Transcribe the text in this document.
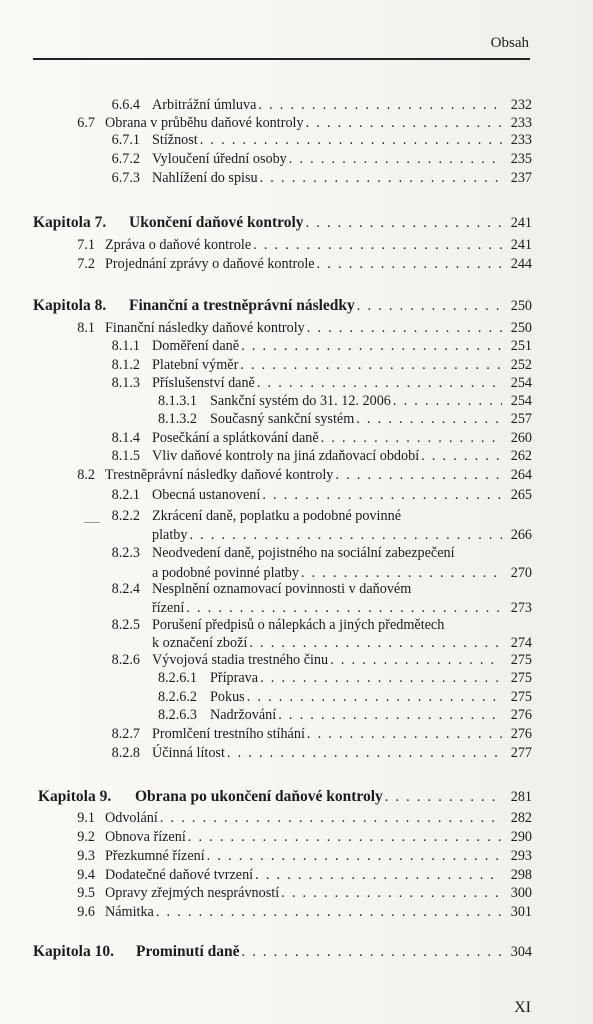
Obsah
6.6.4 Arbitrážní úmluva . . .	232
6.7 Obrana v průběhu daňové kontroly . . .	233
6.7.1 Stížnost . . .	233
6.7.2 Vyloučení úřední osoby . . .	235
6.7.3 Nahlížení do spisu . . .	237
Kapitola 7. Ukončení daňové kontroly . . .	241
7.1 Zpráva o daňové kontrole . . .	241
7.2 Projednání zprávy o daňové kontrole . . .	244
Kapitola 8. Finanční a trestněprávní následky . . .	250
8.1 Finanční následky daňové kontroly . . .	250
8.1.1 Doměření daně . . .	251
8.1.2 Platební výměr . . .	252
8.1.3 Příslušenství daně . . .	254
8.1.3.1 Sankční systém do 31. 12. 2006 . . .	254
8.1.3.2 Současný sankční systém . . .	257
8.1.4 Posečkání a splátkování daně . . .	260
8.1.5 Vliv daňové kontroly na jiná zdaňovací období . . .	262
8.2 Trestněprávní následky daňové kontroly . . .	264
8.2.1 Obecná ustanovení . . .	265
8.2.2 Zkrácení daně, poplatku a podobné povinné
platby . . .	266
8.2.3 Neodvedení daně, pojistného na sociální zabezpečení
a podobné povinné platby . . .	270
8.2.4 Nesplnění oznamovací povinnosti v daňovém
řízení . . .	273
8.2.5 Porušení předpisů o nálepkách a jiných předmětech
k označení zboží . . .	274
8.2.6 Vývojová stadia trestného činu . . .	275
8.2.6.1 Příprava . . .	275
8.2.6.2 Pokus . . .	275
8.2.6.3 Nadržování . . .	276
8.2.7 Promlčení trestního stíhání . . .	276
8.2.8 Účinná lítost . . .	277
Kapitola 9. Obrana po ukončení daňové kontroly . . .	281
9.1 Odvolání . . .	282
9.2 Obnova řízení . . .	290
9.3 Přezkumné řízení . . .	293
9.4 Dodatečné daňové tvrzení . . .	298
9.5 Opravy zřejmých nesprávností . . .	300
9.6 Námitka . . .	301
Kapitola 10. Prominutí daně . . .	304
XI
